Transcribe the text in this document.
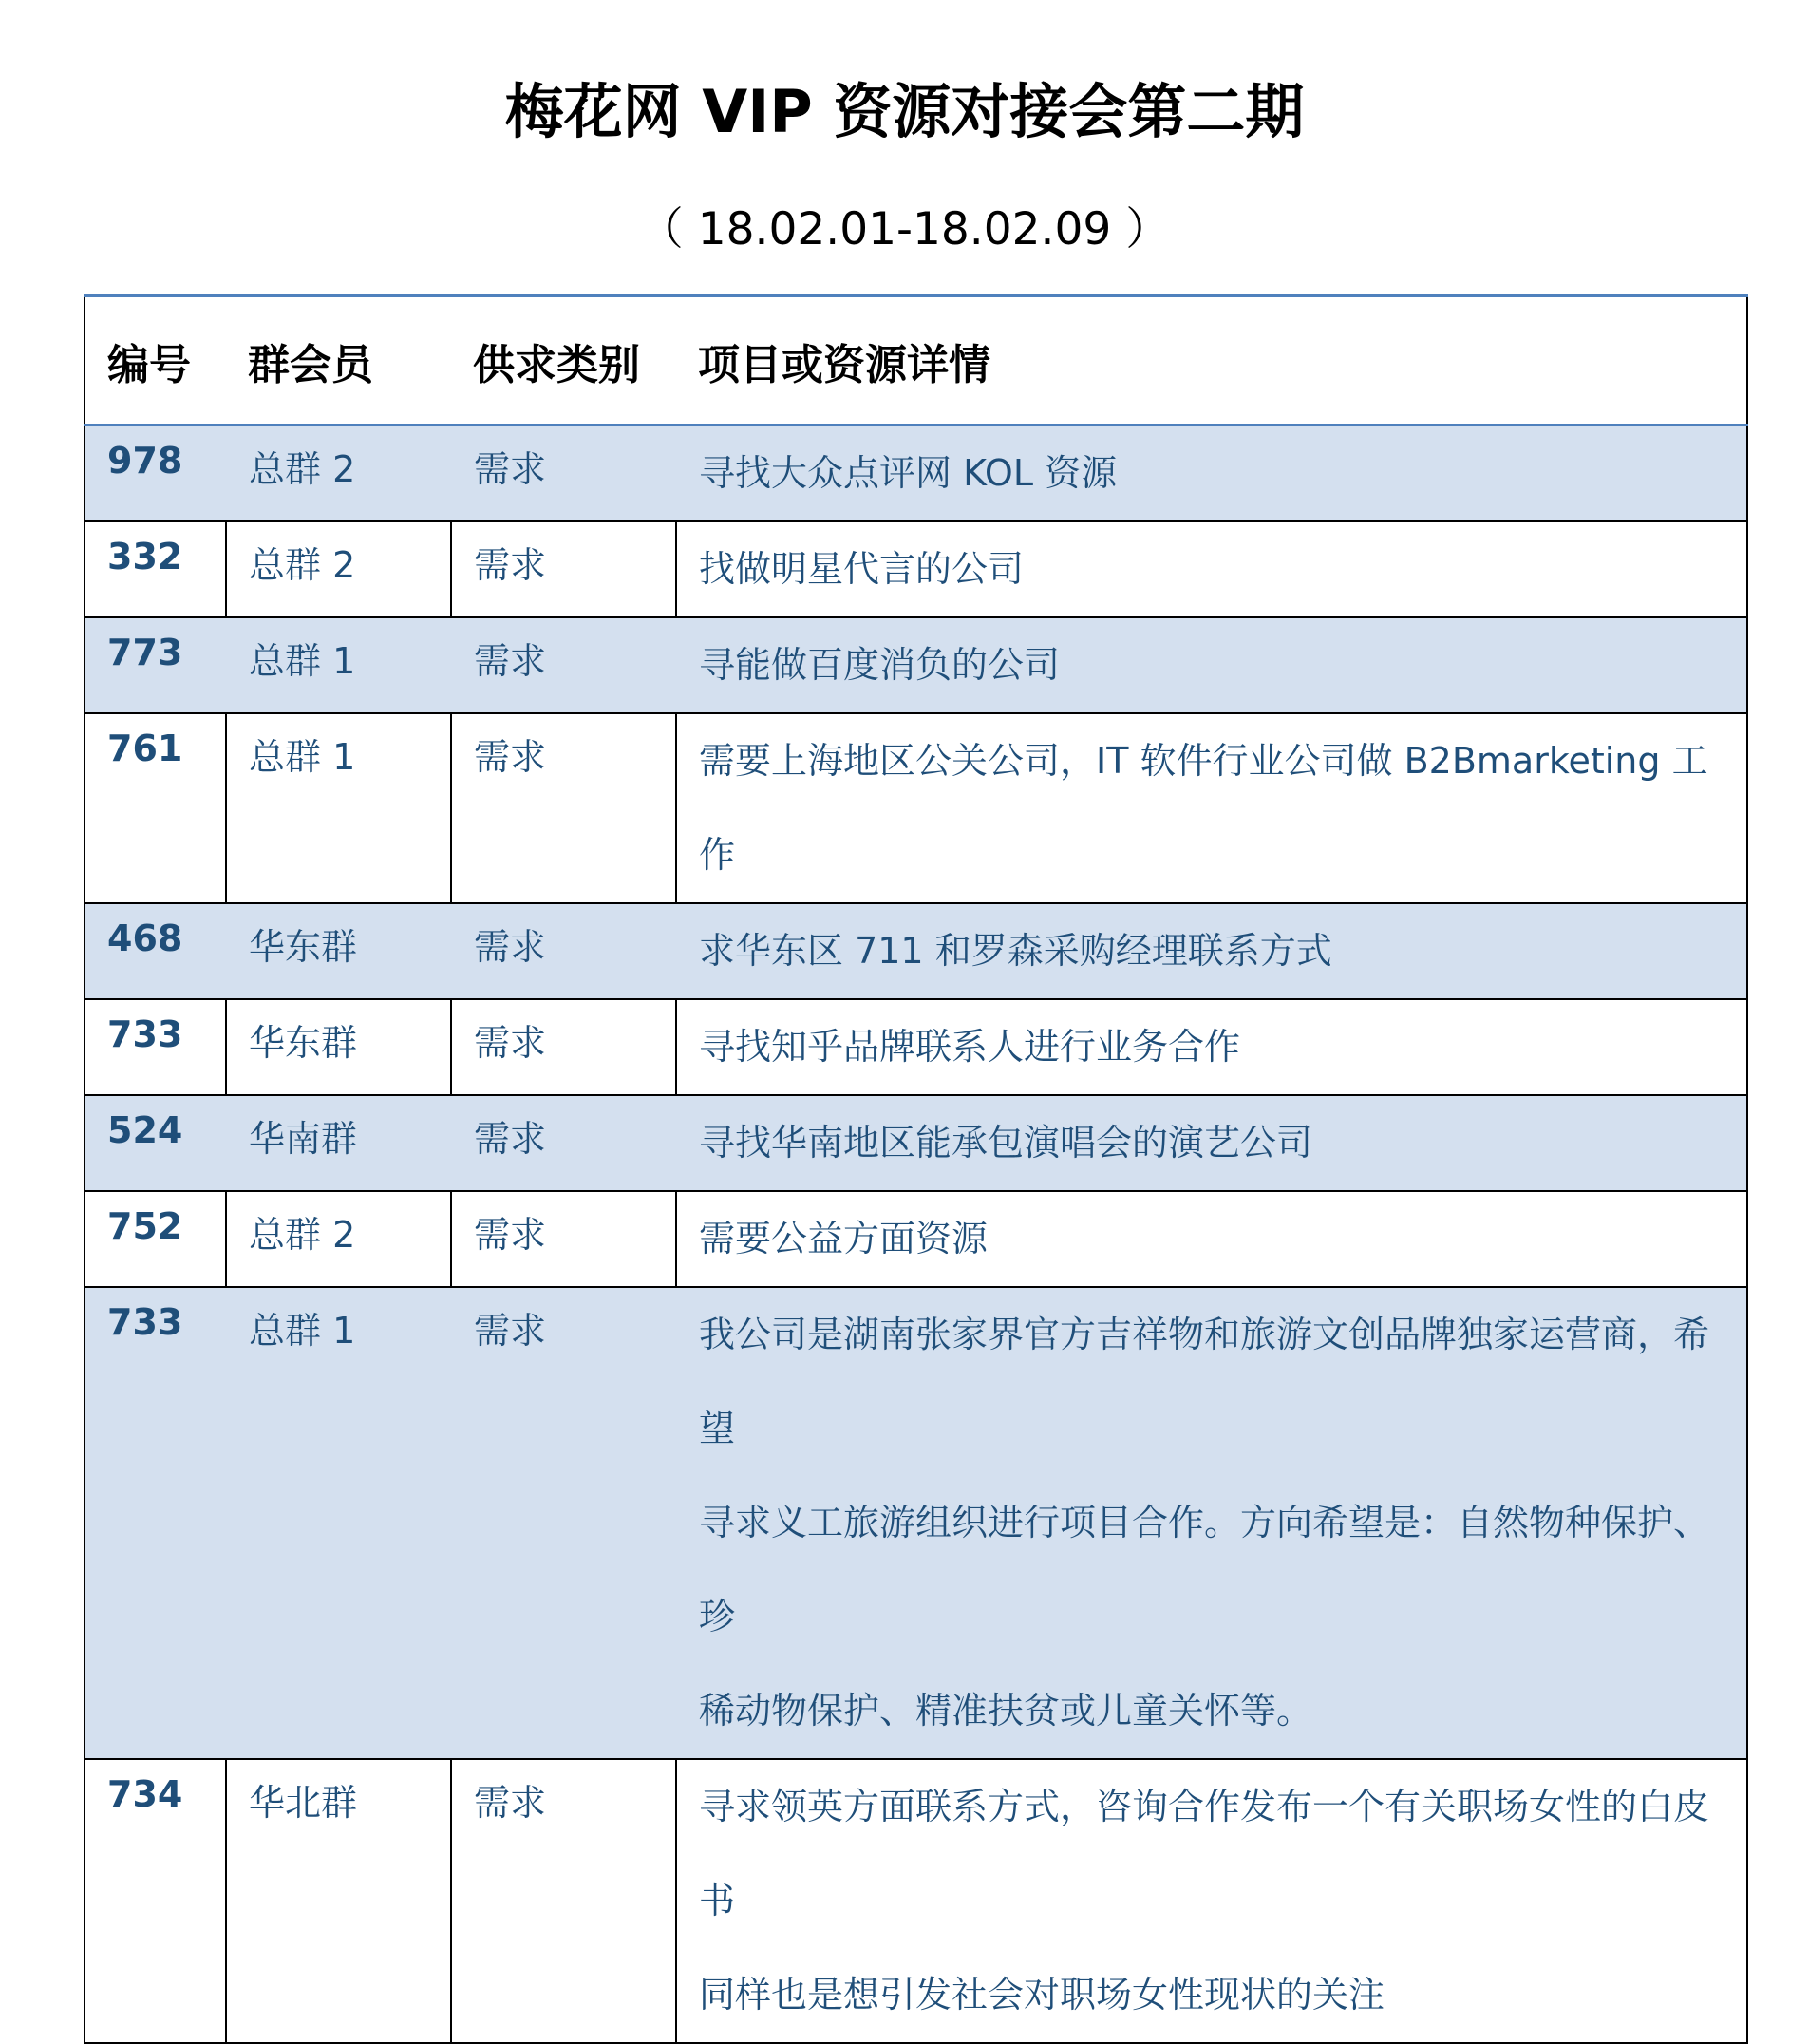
梅花网 VIP 资源对接会第二期
（ 18.02.01-18.02.09 ）
编号	群会员	供求类别	项目或资源详情
978	总群 2	需求	寻找大众点评网 KOL 资源

332	总群 2	需求	找做明星代言的公司

773	总群 1	需求	寻能做百度消负的公司

761	总群 1	需求	需要上海地区公关公司，IT 软件行业公司做 B2Bmarketing 工作

468	华东群	需求	求华东区 711 和罗森采购经理联系方式

733	华东群	需求	寻找知乎品牌联系人进行业务合作

524	华南群	需求	寻找华南地区能承包演唱会的演艺公司

752	总群 2	需求	需要公益方面资源

733	总群 1	需求	我公司是湖南张家界官方吉祥物和旅游文创品牌独家运营商，希望
寻求义工旅游组织进行项目合作。方向希望是：自然物种保护、珍
稀动物保护、精准扶贫或儿童关怀等。

734	华北群	需求	寻求领英方面联系方式，咨询合作发布一个有关职场女性的白皮书
同样也是想引发社会对职场女性现状的关注
